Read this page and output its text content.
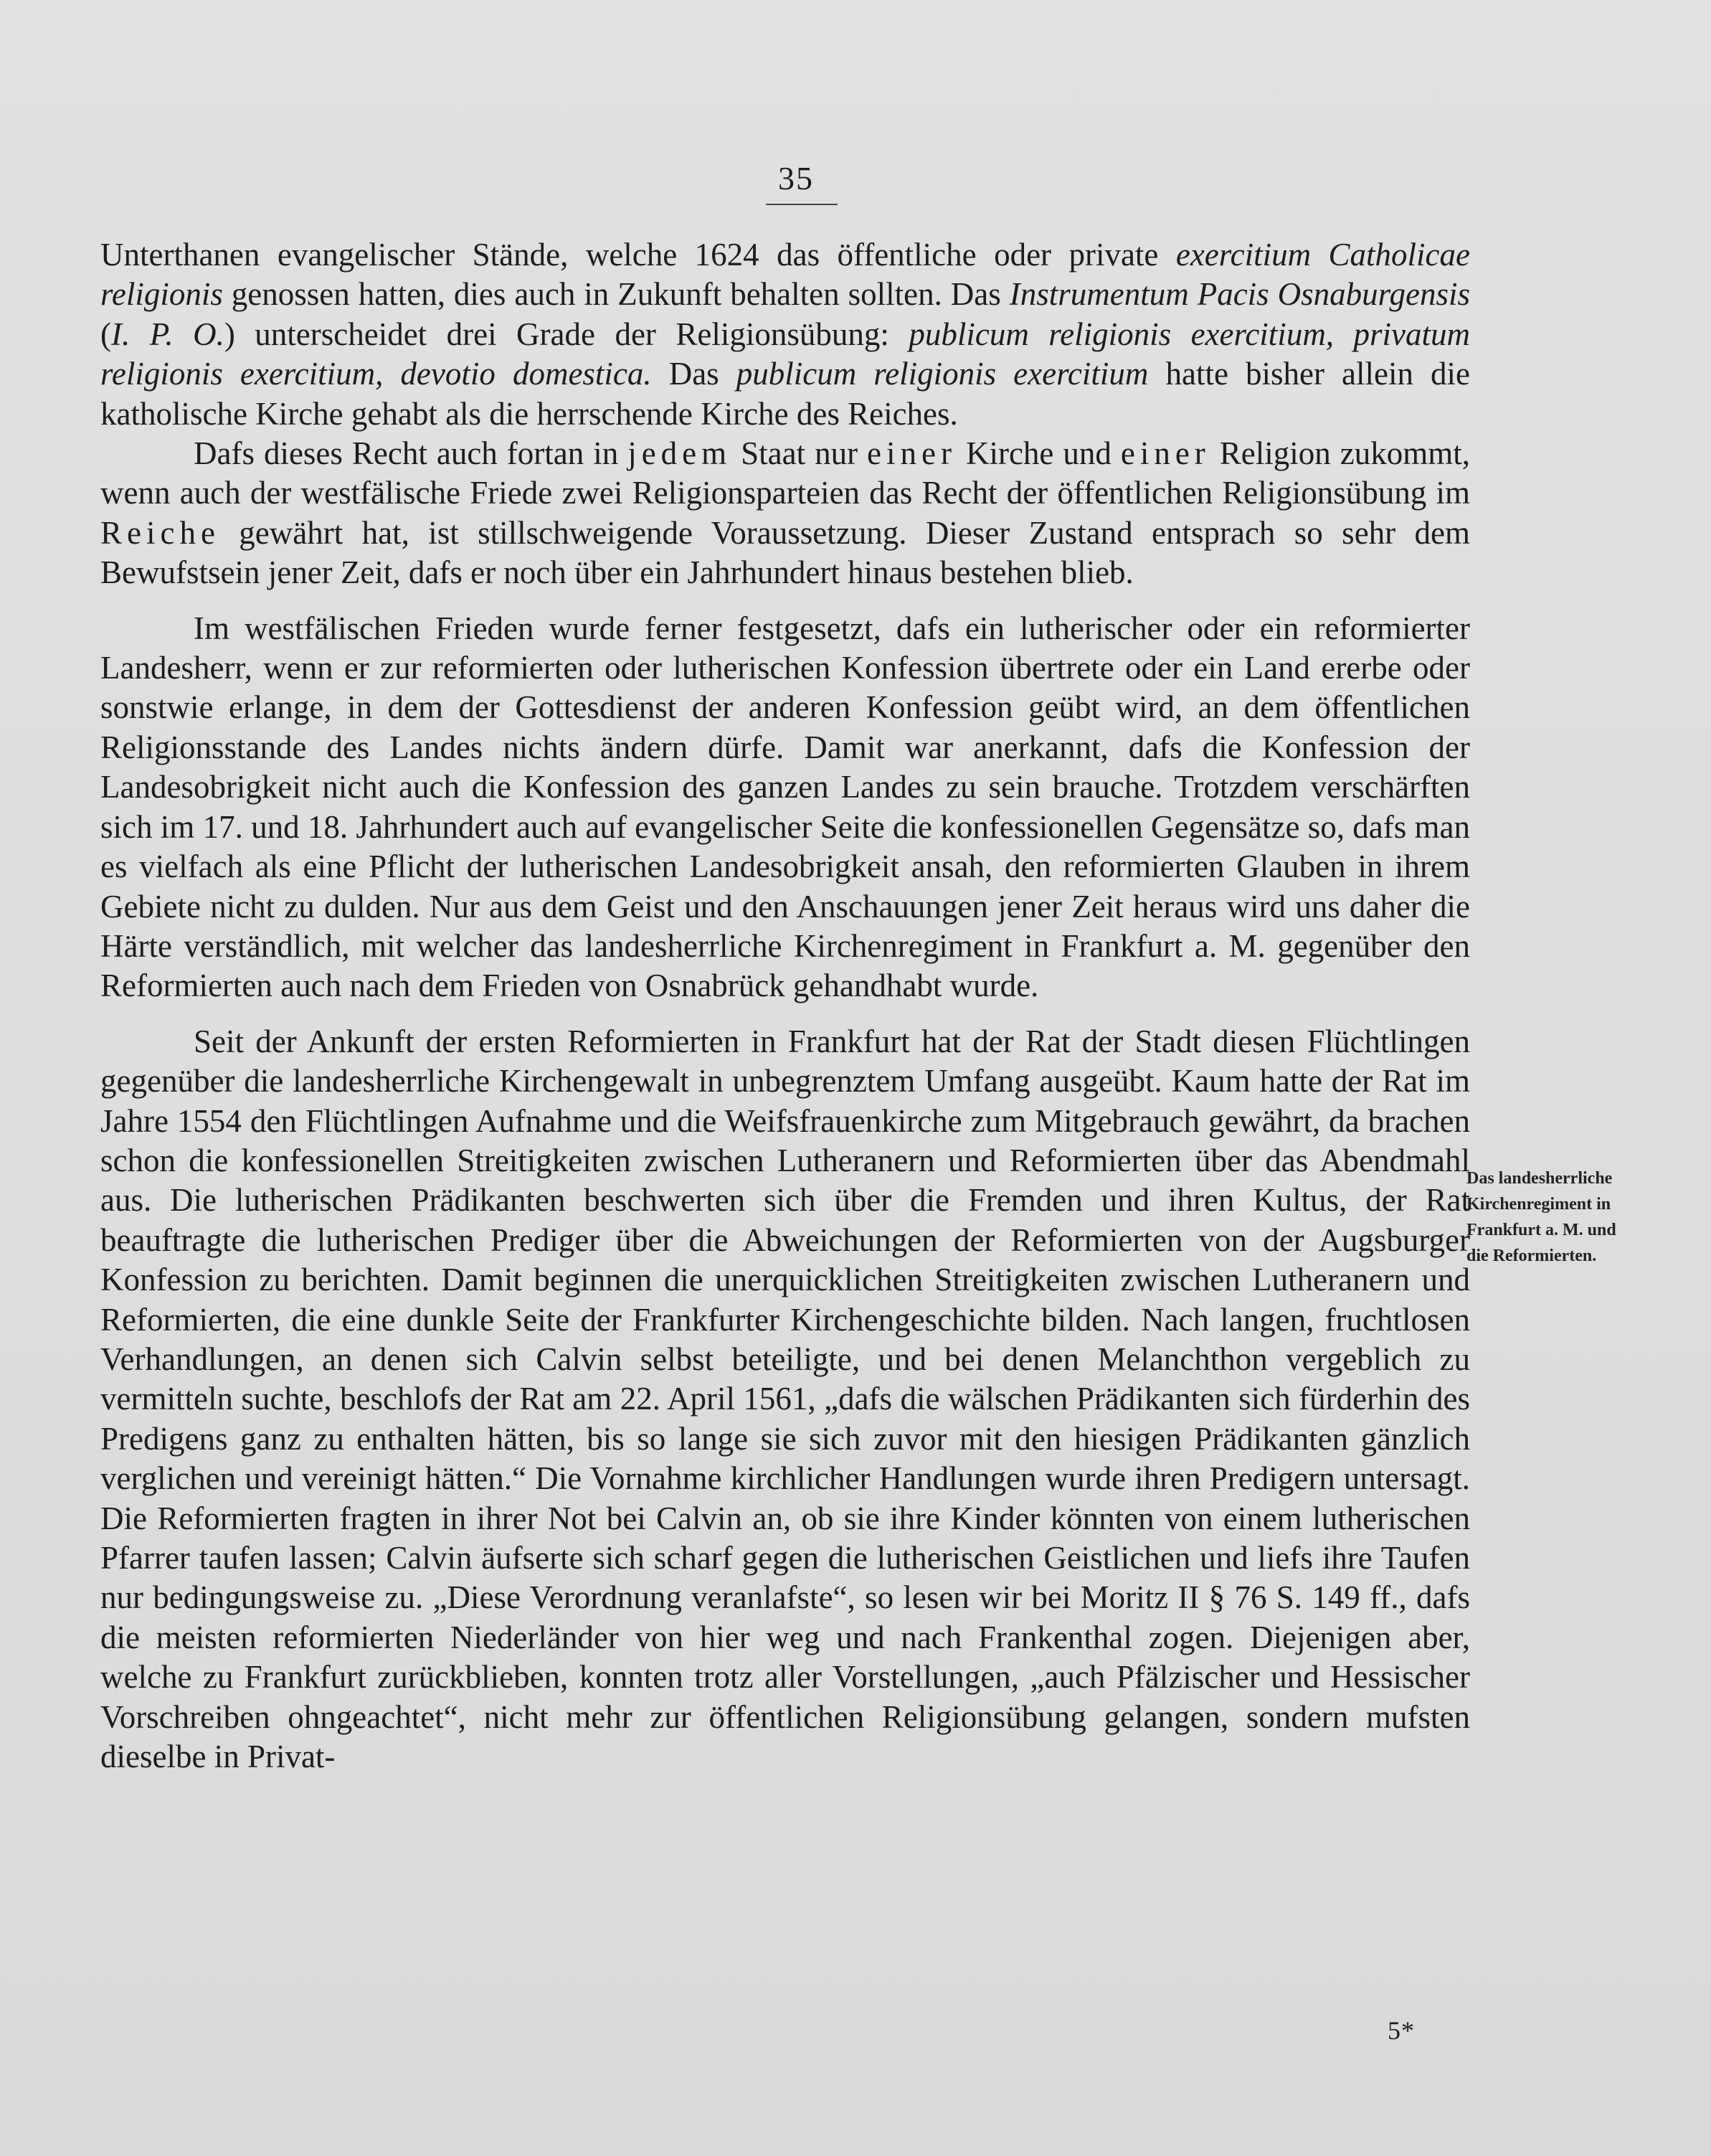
35

Unterthanen evangelischer Stände, welche 1624 das öffentliche oder private exercitium Catholicae religionis genossen hatten, dies auch in Zukunft behalten sollten. Das Instrumentum Pacis Osnaburgensis (I. P. O.) unterscheidet drei Grade der Religionsübung: publicum religionis exercitium, privatum religionis exercitium, devotio domestica. Das publicum religionis exercitium hatte bisher allein die katholische Kirche gehabt als die herrschende Kirche des Reiches.

Dafs dieses Recht auch fortan in jedem Staat nur einer Kirche und einer Religion zukommt, wenn auch der westfälische Friede zwei Religionsparteien das Recht der öffentlichen Religionsübung im Reiche gewährt hat, ist stillschweigende Voraussetzung. Dieser Zustand entsprach so sehr dem Bewufstsein jener Zeit, dafs er noch über ein Jahrhundert hinaus bestehen blieb.

Im westfälischen Frieden wurde ferner festgesetzt, dafs ein lutherischer oder ein reformierter Landesherr, wenn er zur reformierten oder lutherischen Konfession übertrete oder ein Land ererbe oder sonstwie erlange, in dem der Gottesdienst der anderen Konfession geübt wird, an dem öffentlichen Religionsstande des Landes nichts ändern dürfe. Damit war anerkannt, dafs die Konfession der Landesobrigkeit nicht auch die Konfession des ganzen Landes zu sein brauche. Trotzdem verschärften sich im 17. und 18. Jahrhundert auch auf evangelischer Seite die konfessionellen Gegensätze so, dafs man es vielfach als eine Pflicht der lutherischen Landesobrigkeit ansah, den reformierten Glauben in ihrem Gebiete nicht zu dulden. Nur aus dem Geist und den Anschauungen jener Zeit heraus wird uns daher die Härte verständlich, mit welcher das landesherrliche Kirchenregiment in Frankfurt a. M. gegenüber den Reformierten auch nach dem Frieden von Osnabrück gehandhabt wurde.

Seit der Ankunft der ersten Reformierten in Frankfurt hat der Rat der Stadt diesen Flüchtlingen gegenüber die landesherrliche Kirchengewalt in unbegrenztem Umfang ausgeübt. Kaum hatte der Rat im Jahre 1554 den Flüchtlingen Aufnahme und die Weifsfrauenkirche zum Mitgebrauch gewährt, da brachen schon die konfessionellen Streitigkeiten zwischen Lutheranern und Reformierten über das Abendmahl aus. Die lutherischen Prädikanten beschwerten sich über die Fremden und ihren Kultus, der Rat beauftragte die lutherischen Prediger über die Abweichungen der Reformierten von der Augsburger Konfession zu berichten. Damit beginnen die unerquicklichen Streitigkeiten zwischen Lutheranern und Reformierten, die eine dunkle Seite der Frankfurter Kirchengeschichte bilden. Nach langen, fruchtlosen Verhandlungen, an denen sich Calvin selbst beteiligte, und bei denen Melanchthon vergeblich zu vermitteln suchte, beschlofs der Rat am 22. April 1561, „dafs die wälschen Prädikanten sich fürderhin des Predigens ganz zu enthalten hätten, bis so lange sie sich zuvor mit den hiesigen Prädikanten gänzlich verglichen und vereinigt hätten.“ Die Vornahme kirchlicher Handlungen wurde ihren Predigern untersagt. Die Reformierten fragten in ihrer Not bei Calvin an, ob sie ihre Kinder könnten von einem lutherischen Pfarrer taufen lassen; Calvin äufserte sich scharf gegen die lutherischen Geistlichen und liefs ihre Taufen nur bedingungsweise zu. „Diese Verordnung veranlafste“, so lesen wir bei Moritz II § 76 S. 149 ff., dafs die meisten reformierten Niederländer von hier weg und nach Frankenthal zogen. Diejenigen aber, welche zu Frankfurt zurückblieben, konnten trotz aller Vorstellungen, „auch Pfälzischer und Hessischer Vorschreiben ohngeachtet“, nicht mehr zur öffentlichen Religionsübung gelangen, sondern mufsten dieselbe in Privat-

Das landesherrliche Kirchenregiment in Frankfurt a. M. und die Reformierten.
5*
